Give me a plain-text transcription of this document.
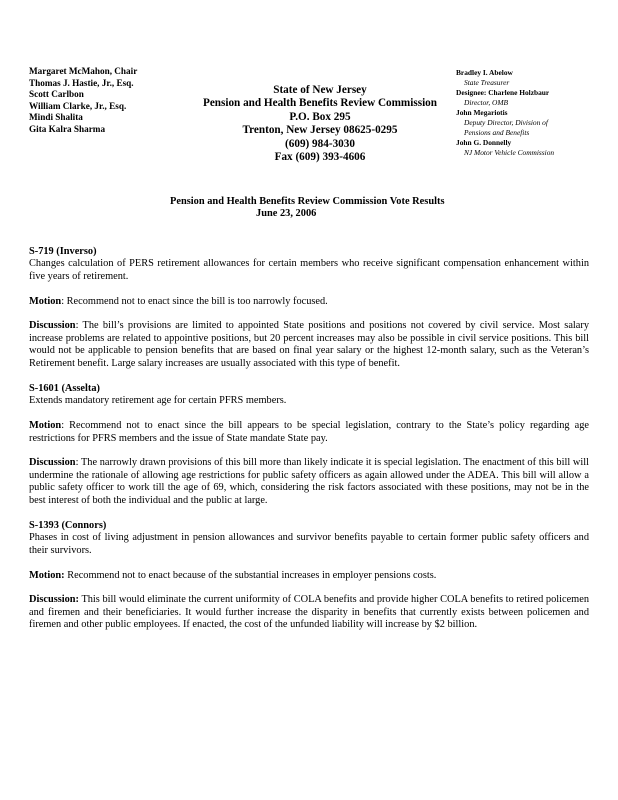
Margaret McMahon, Chair
Thomas J. Hastie, Jr., Esq.
Scott Carlbon
William Clarke, Jr., Esq.
Mindi Shalita
Gita Kalra Sharma
State of New Jersey
Pension and Health Benefits Review Commission
P.O. Box 295
Trenton, New Jersey 08625-0295
(609) 984-3030
Fax (609) 393-4606
Bradley I. Abelow
State Treasurer
Designee: Charlene Holzbaur
Director, OMB
John Megariotis
Deputy Director, Division of
Pensions and Benefits
John G. Donnelly
NJ Motor Vehicle Commission
Pension and Health Benefits Review Commission Vote Results
June 23, 2006

S-719 (Inverso)

Changes calculation of PERS retirement allowances for certain members who receive significant compensation enhancement within five years of retirement.

Motion: Recommend not to enact since the bill is too narrowly focused.

Discussion: The bill’s provisions are limited to appointed State positions and positions not covered by civil service. Most salary increase problems are related to appointive positions, but 20 percent increases may also be possible in civil service positions. This bill would not be applicable to pension benefits that are based on final year salary or the highest 12-month salary, such as the Veteran’s Retirement benefit. Large salary increases are usually associated with this type of benefit.

S-1601 (Asselta)

Extends mandatory retirement age for certain PFRS members.

Motion: Recommend not to enact since the bill appears to be special legislation, contrary to the State’s policy regarding age restrictions for PFRS members and the issue of State mandate State pay.

Discussion: The narrowly drawn provisions of this bill more than likely indicate it is special legislation. The enactment of this bill will undermine the rationale of allowing age restrictions for public safety officers as again allowed under the ADEA. This bill will allow a public safety officer to work till the age of 69, which, considering the risk factors associated with these positions, may not be in the best interest of both the individual and the public at large.

S-1393 (Connors)

Phases in cost of living adjustment in pension allowances and survivor benefits payable to certain former public safety officers and their survivors.

Motion: Recommend not to enact because of the substantial increases in employer pensions costs.

Discussion: This bill would eliminate the current uniformity of COLA benefits and provide higher COLA benefits to retired policemen and firemen and their beneficiaries. It would further increase the disparity in benefits that currently exists between policemen and firemen and other public employees. If enacted, the cost of the unfunded liability will increase by $2 billion.
